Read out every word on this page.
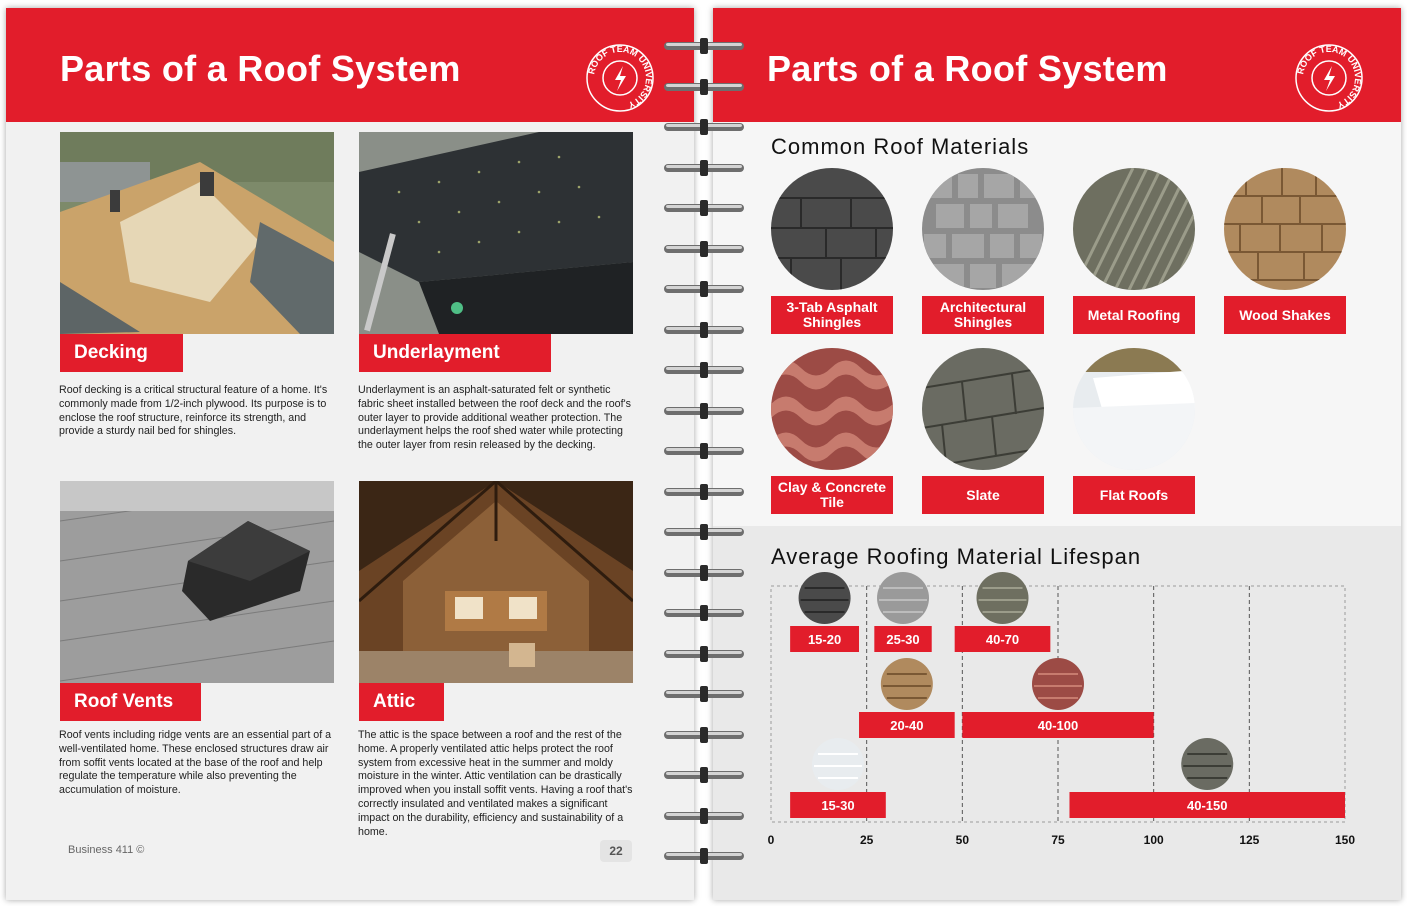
Parts of a Roof System	ROOF TEAM UNIVERSITY
Decking
Roof decking is a critical structural feature of a home. It's commonly made from 1/2-inch plywood. Its purpose is to enclose the roof structure, reinforce its strength, and provide a sturdy nail bed for shingles.
Underlayment
Underlayment is an asphalt-saturated felt or synthetic fabric sheet installed between the roof deck and the roof's outer layer to provide additional weather protection. The underlayment helps the roof shed water while protecting the outer layer from resin released by the decking.
Roof Vents
Roof vents including ridge vents are an essential part of a well-ventilated home. These enclosed structures draw air from soffit vents located at the base of the roof and help regulate the temperature while also preventing the accumulation of moisture.
Attic
The attic is the space between a roof and the rest of the home. A properly ventilated attic helps protect the roof system from excessive heat in the summer and moldy moisture in the winter. Attic ventilation can be drastically improved when you install soffit vents. Having a roof that's correctly insulated and ventilated makes a significant impact on the durability, efficiency and sustainability of a home.
Business 411 ©	22
Parts of a Roof System	ROOF TEAM UNIVERSITY
Common Roof Materials
3-Tab Asphalt Shingles
Architectural Shingles	Metal Roofing	Wood Shakes
Clay & Concrete Tile	Slate	Flat Roofs
Average Roofing Material Lifespan
0	25	50	75	100	125	150
15-20	25-30	40-70
20-40	40-100
15-30	40-150
